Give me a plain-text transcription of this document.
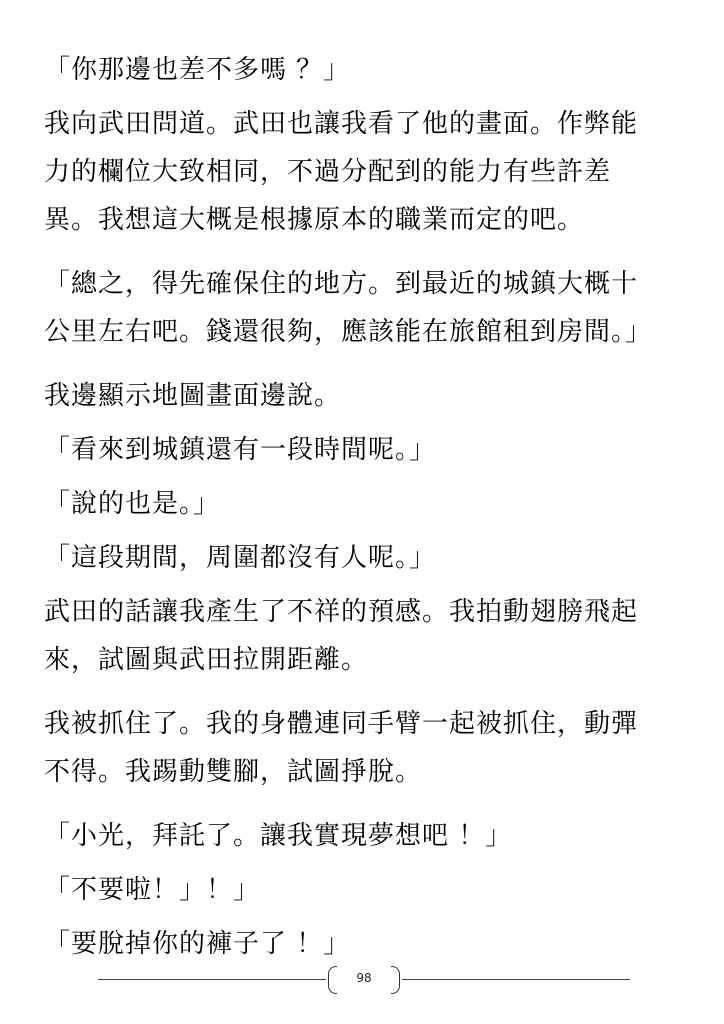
「你那邊也差不多嗎 ？」

我向武田問道。武田也讓我看了他的畫面。作弊能力的欄位大致相同，不過分配到的能力有些許差異。我想這大概是根據原本的職業而定的吧。

「總之，得先確保住的地方。到最近的城鎮大概十公里左右吧。錢還很夠，應該能在旅館租到房間。」

我邊顯示地圖畫面邊說。

「看來到城鎮還有一段時間呢。」

「說的也是。」

「這段期間，周圍都沒有人呢。」

武田的話讓我產生了不祥的預感。我拍動翅膀飛起來，試圖與武田拉開距離。

我被抓住了。我的身體連同手臂一起被抓住，動彈不得。我踢動雙腳，試圖掙脫。

「小光，拜託了。讓我實現夢想吧 ！」

「不要啦！」！」

「要脫掉你的褲子了 ！」

98
